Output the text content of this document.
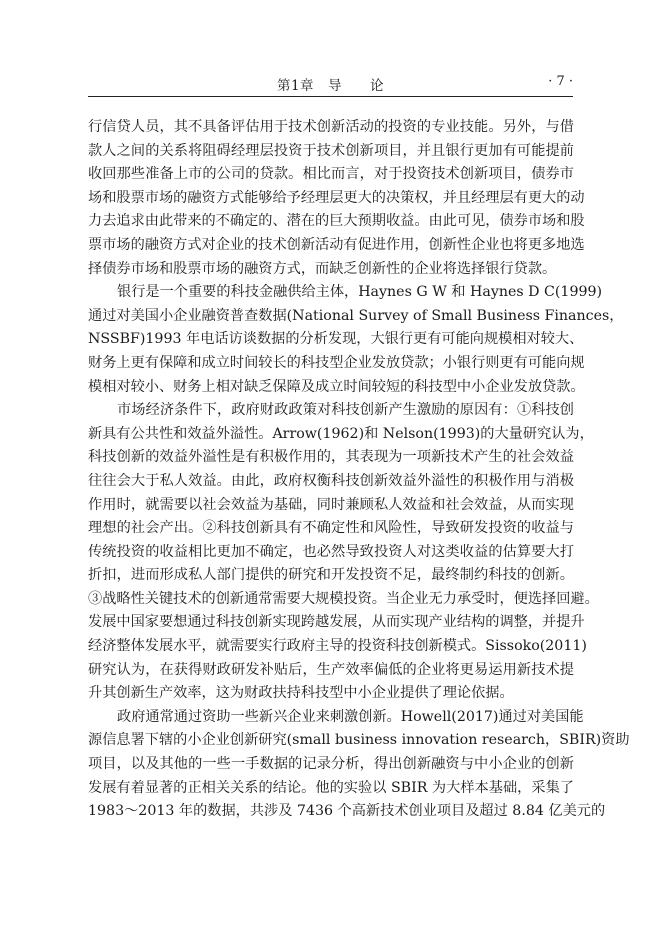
第1章　导　　论	· 7 ·
行信贷人员，其不具备评估用于技术创新活动的投资的专业技能。另外，与借
款人之间的关系将阻碍经理层投资于技术创新项目，并且银行更加有可能提前
收回那些准备上市的公司的贷款。相比而言，对于投资技术创新项目，债券市
场和股票市场的融资方式能够给予经理层更大的决策权，并且经理层有更大的动
力去追求由此带来的不确定的、潜在的巨大预期收益。由此可见，债券市场和股
票市场的融资方式对企业的技术创新活动有促进作用，创新性企业也将更多地选
择债券市场和股票市场的融资方式，而缺乏创新性的企业将选择银行贷款。
银行是一个重要的科技金融供给主体，Haynes G W 和 Haynes D C(1999)
通过对美国小企业融资普查数据(National Survey of Small Business Finances，
NSSBF)1993 年电话访谈数据的分析发现，大银行更有可能向规模相对较大、
财务上更有保障和成立时间较长的科技型企业发放贷款；小银行则更有可能向规
模相对较小、财务上相对缺乏保障及成立时间较短的科技型中小企业发放贷款。
市场经济条件下，政府财政政策对科技创新产生激励的原因有：①科技创
新具有公共性和效益外溢性。Arrow(1962)和 Nelson(1993)的大量研究认为，
科技创新的效益外溢性是有积极作用的，其表现为一项新技术产生的社会效益
往往会大于私人效益。由此，政府权衡科技创新效益外溢性的积极作用与消极
作用时，就需要以社会效益为基础，同时兼顾私人效益和社会效益，从而实现
理想的社会产出。②科技创新具有不确定性和风险性，导致研发投资的收益与
传统投资的收益相比更加不确定，也必然导致投资人对这类收益的估算要大打
折扣，进而形成私人部门提供的研究和开发投资不足，最终制约科技的创新。
③战略性关键技术的创新通常需要大规模投资。当企业无力承受时，便选择回避。
发展中国家要想通过科技创新实现跨越发展，从而实现产业结构的调整，并提升
经济整体发展水平，就需要实行政府主导的投资科技创新模式。Sissoko(2011)
研究认为，在获得财政研发补贴后，生产效率偏低的企业将更易运用新技术提
升其创新生产效率，这为财政扶持科技型中小企业提供了理论依据。
政府通常通过资助一些新兴企业来刺激创新。Howell(2017)通过对美国能
源信息署下辖的小企业创新研究(small business innovation research，SBIR)资助
项目，以及其他的一些一手数据的记录分析，得出创新融资与中小企业的创新
发展有着显著的正相关关系的结论。他的实验以 SBIR 为大样本基础，采集了
1983～2013 年的数据，共涉及 7436 个高新技术创业项目及超过 8.84 亿美元的
